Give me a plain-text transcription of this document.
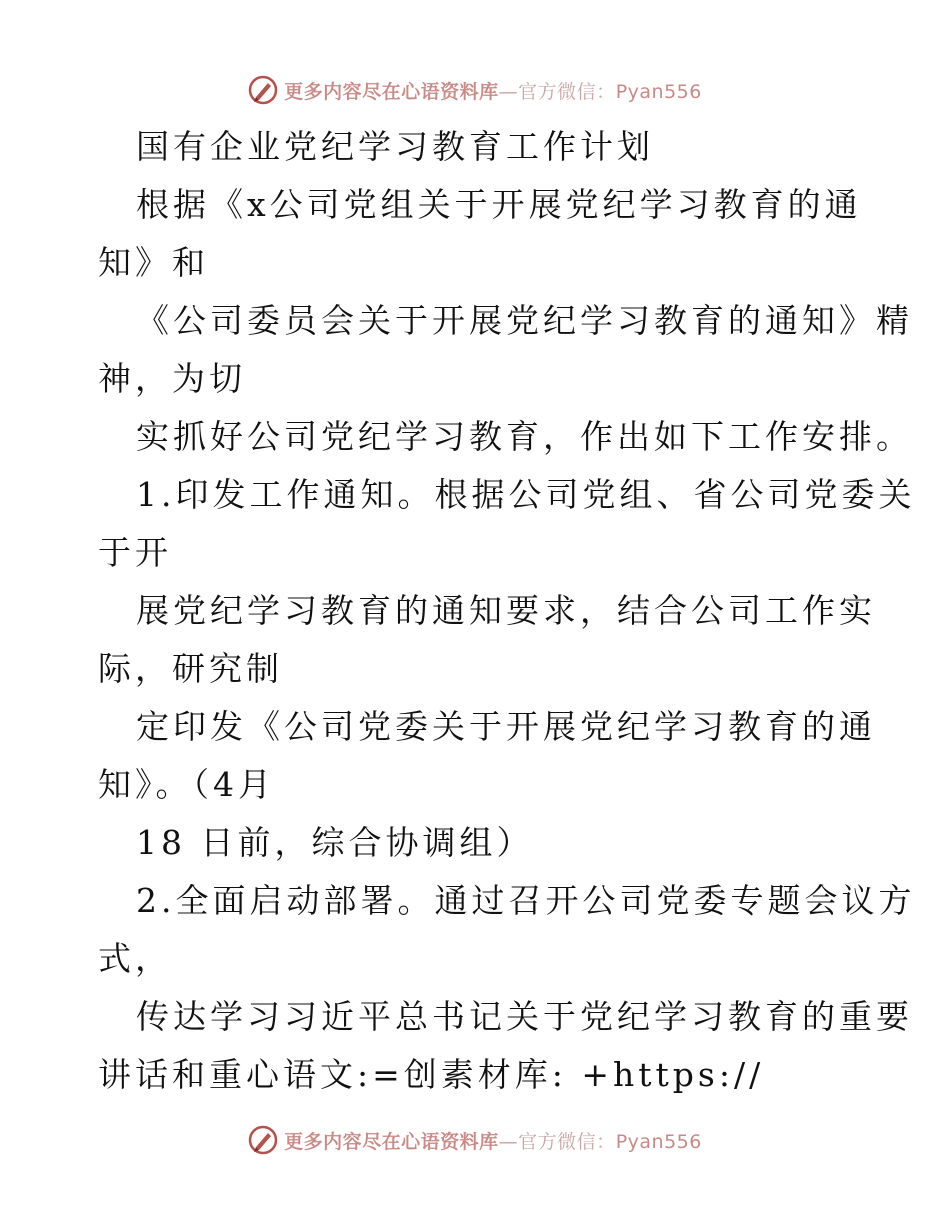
更多内容尽在心语资料库—官方微信：Pyan556
国有企业党纪学习教育工作计划
根据《x公司党组关于开展党纪学习教育的通
知》和
《公司委员会关于开展党纪学习教育的通知》精
神，为切
实抓好公司党纪学习教育，作出如下工作安排。
1.印发工作通知。根据公司党组、省公司党委关
于开
展党纪学习教育的通知要求，结合公司工作实
际，研究制
定印发《公司党委关于开展党纪学习教育的通
知》。（4月
18 日前，综合协调组）
2.全面启动部署。通过召开公司党委专题会议方
式，
传达学习习近平总书记关于党纪学习教育的重要
讲话和重心语文:=创素材库: +https://
更多内容尽在心语资料库—官方微信：Pyan556
